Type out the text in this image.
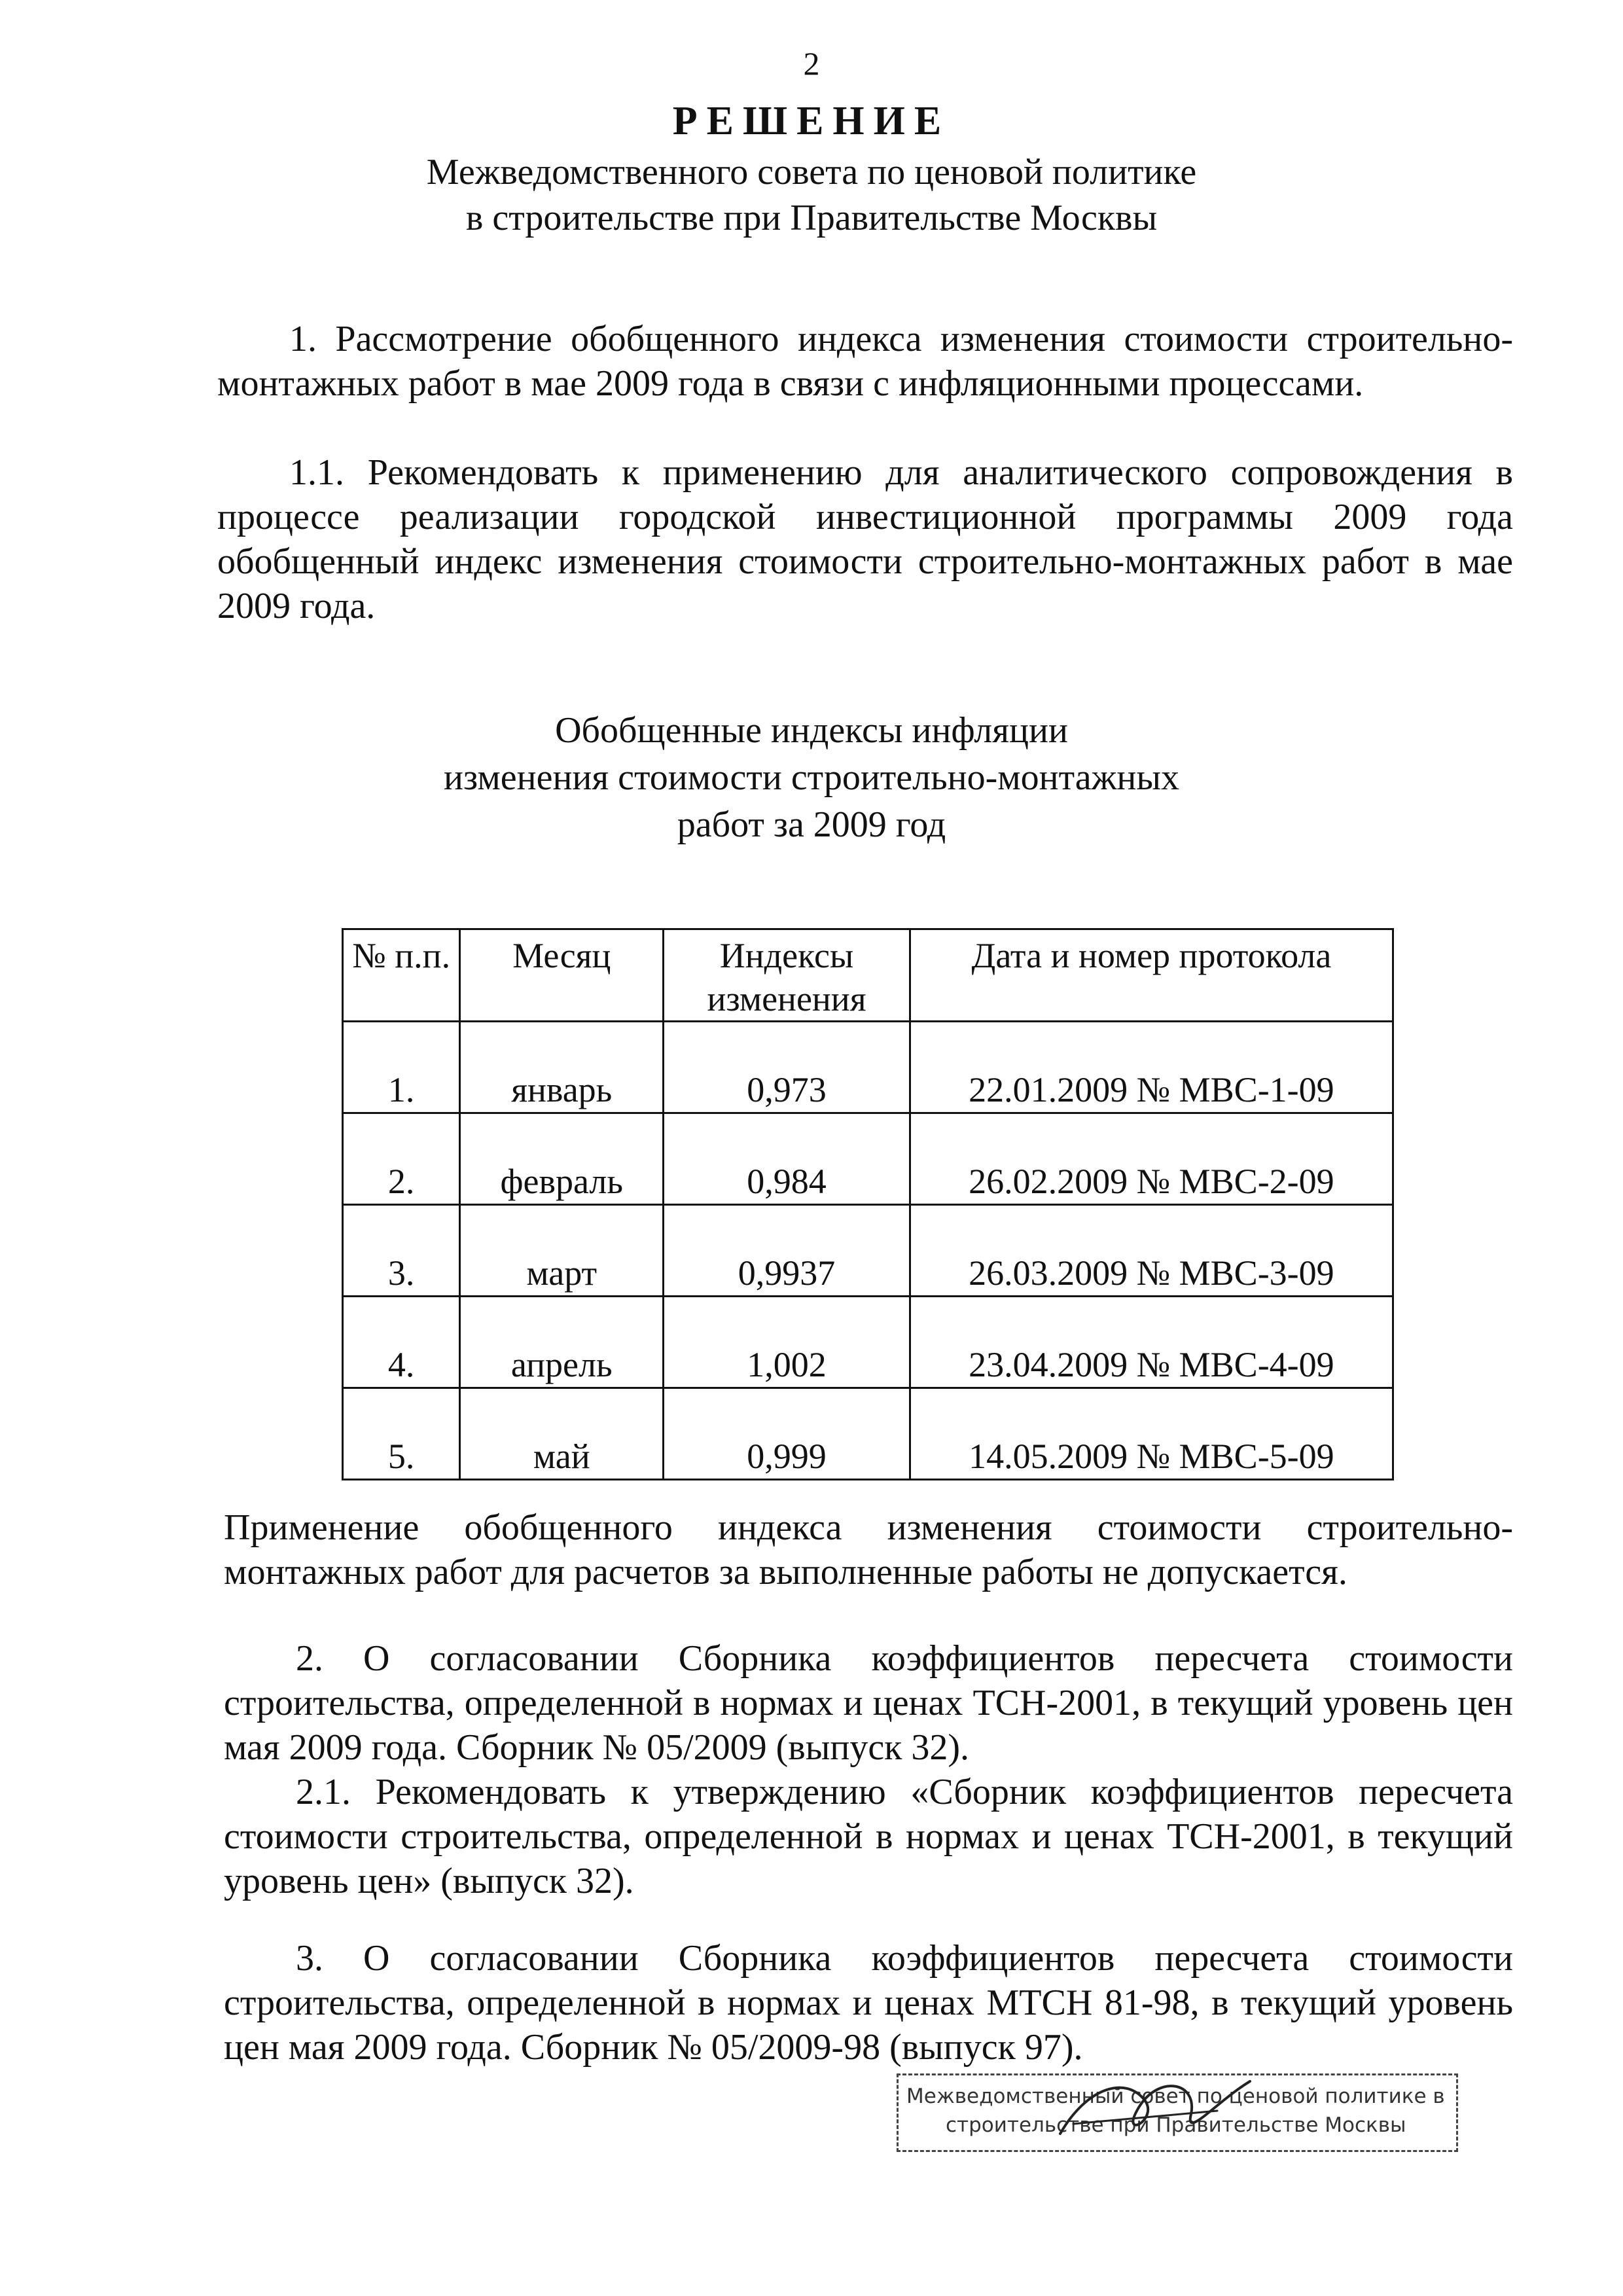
2
РЕШЕНИЕ
Межведомственного совета по ценовой политике
в строительстве при Правительстве Москвы
1. Рассмотрение обобщенного индекса изменения стоимости строительно-монтажных работ в мае 2009 года в связи с инфляционными процессами.
1.1. Рекомендовать к применению для аналитического сопровождения в процессе реализации городской инвестиционной программы 2009 года обобщенный индекс изменения стоимости строительно-монтажных работ в мае 2009 года.
Обобщенные индексы инфляции
изменения стоимости строительно-монтажных
работ за 2009 год
№ п.п.	Месяц	Индексы изменения	Дата и номер протокола
1.	январь	0,973	22.01.2009 № МВС-1-09
2.	февраль	0,984	26.02.2009 № МВС-2-09
3.	март	0,9937	26.03.2009 № МВС-3-09
4.	апрель	1,002	23.04.2009 № МВС-4-09
5.	май	0,999	14.05.2009 № МВС-5-09
Применение обобщенного индекса изменения стоимости строительно-монтажных работ для расчетов за выполненные работы не допускается.
2. О согласовании Сборника коэффициентов пересчета стоимости строительства, определенной в нормах и ценах ТСН-2001, в текущий уровень цен мая 2009 года. Сборник № 05/2009 (выпуск 32).
2.1. Рекомендовать к утверждению «Сборник коэффициентов пересчета стоимости строительства, определенной в нормах и ценах ТСН-2001, в текущий уровень цен» (выпуск 32).
3. О согласовании Сборника коэффициентов пересчета стоимости строительства, определенной в нормах и ценах МТСН 81-98, в текущий уровень цен мая 2009 года. Сборник № 05/2009-98 (выпуск 97).
Межведомственный совет по ценовой политике в
строительстве при Правительстве Москвы
